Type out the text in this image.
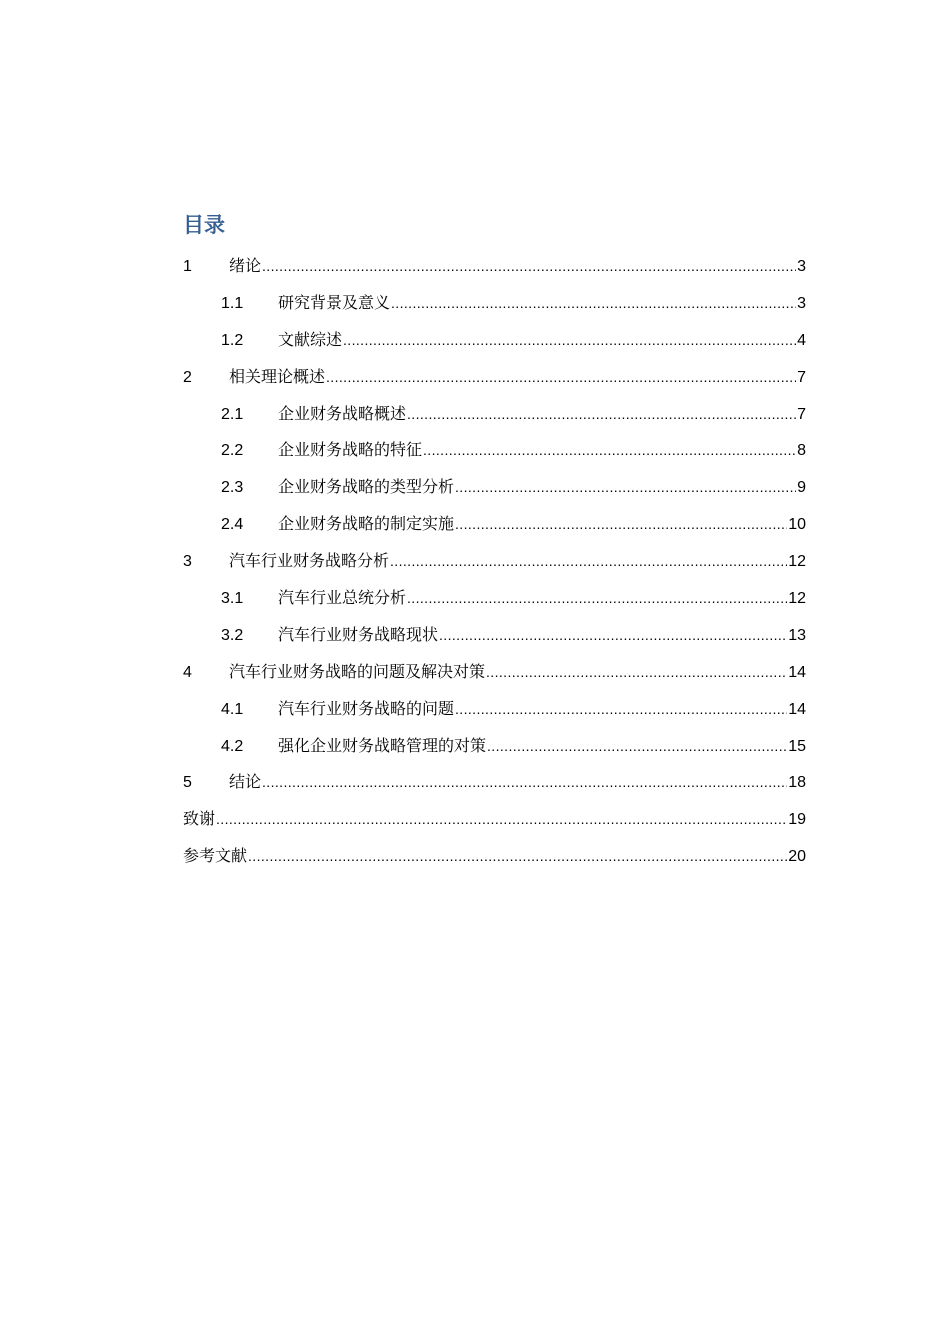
目录
1	绪论 .....	3
1.1	研究背景及意义 .....	3
1.2	文献综述 .....	4
2	相关理论概述 .....	7
2.1	企业财务战略概述 .....	7
2.2	企业财务战略的特征 .....	8
2.3	企业财务战略的类型分析 .....	9
2.4	企业财务战略的制定实施 .....	10
3	汽车行业财务战略分析 .....	12
3.1	汽车行业总统分析 .....	12
3.2	汽车行业财务战略现状 .....	13
4	汽车行业财务战略的问题及解决对策 .....	14
4.1	汽车行业财务战略的问题 .....	14
4.2	强化企业财务战略管理的对策 .....	15
5	结论 .....	18
致谢 .....	19
参考文献 .....	20
